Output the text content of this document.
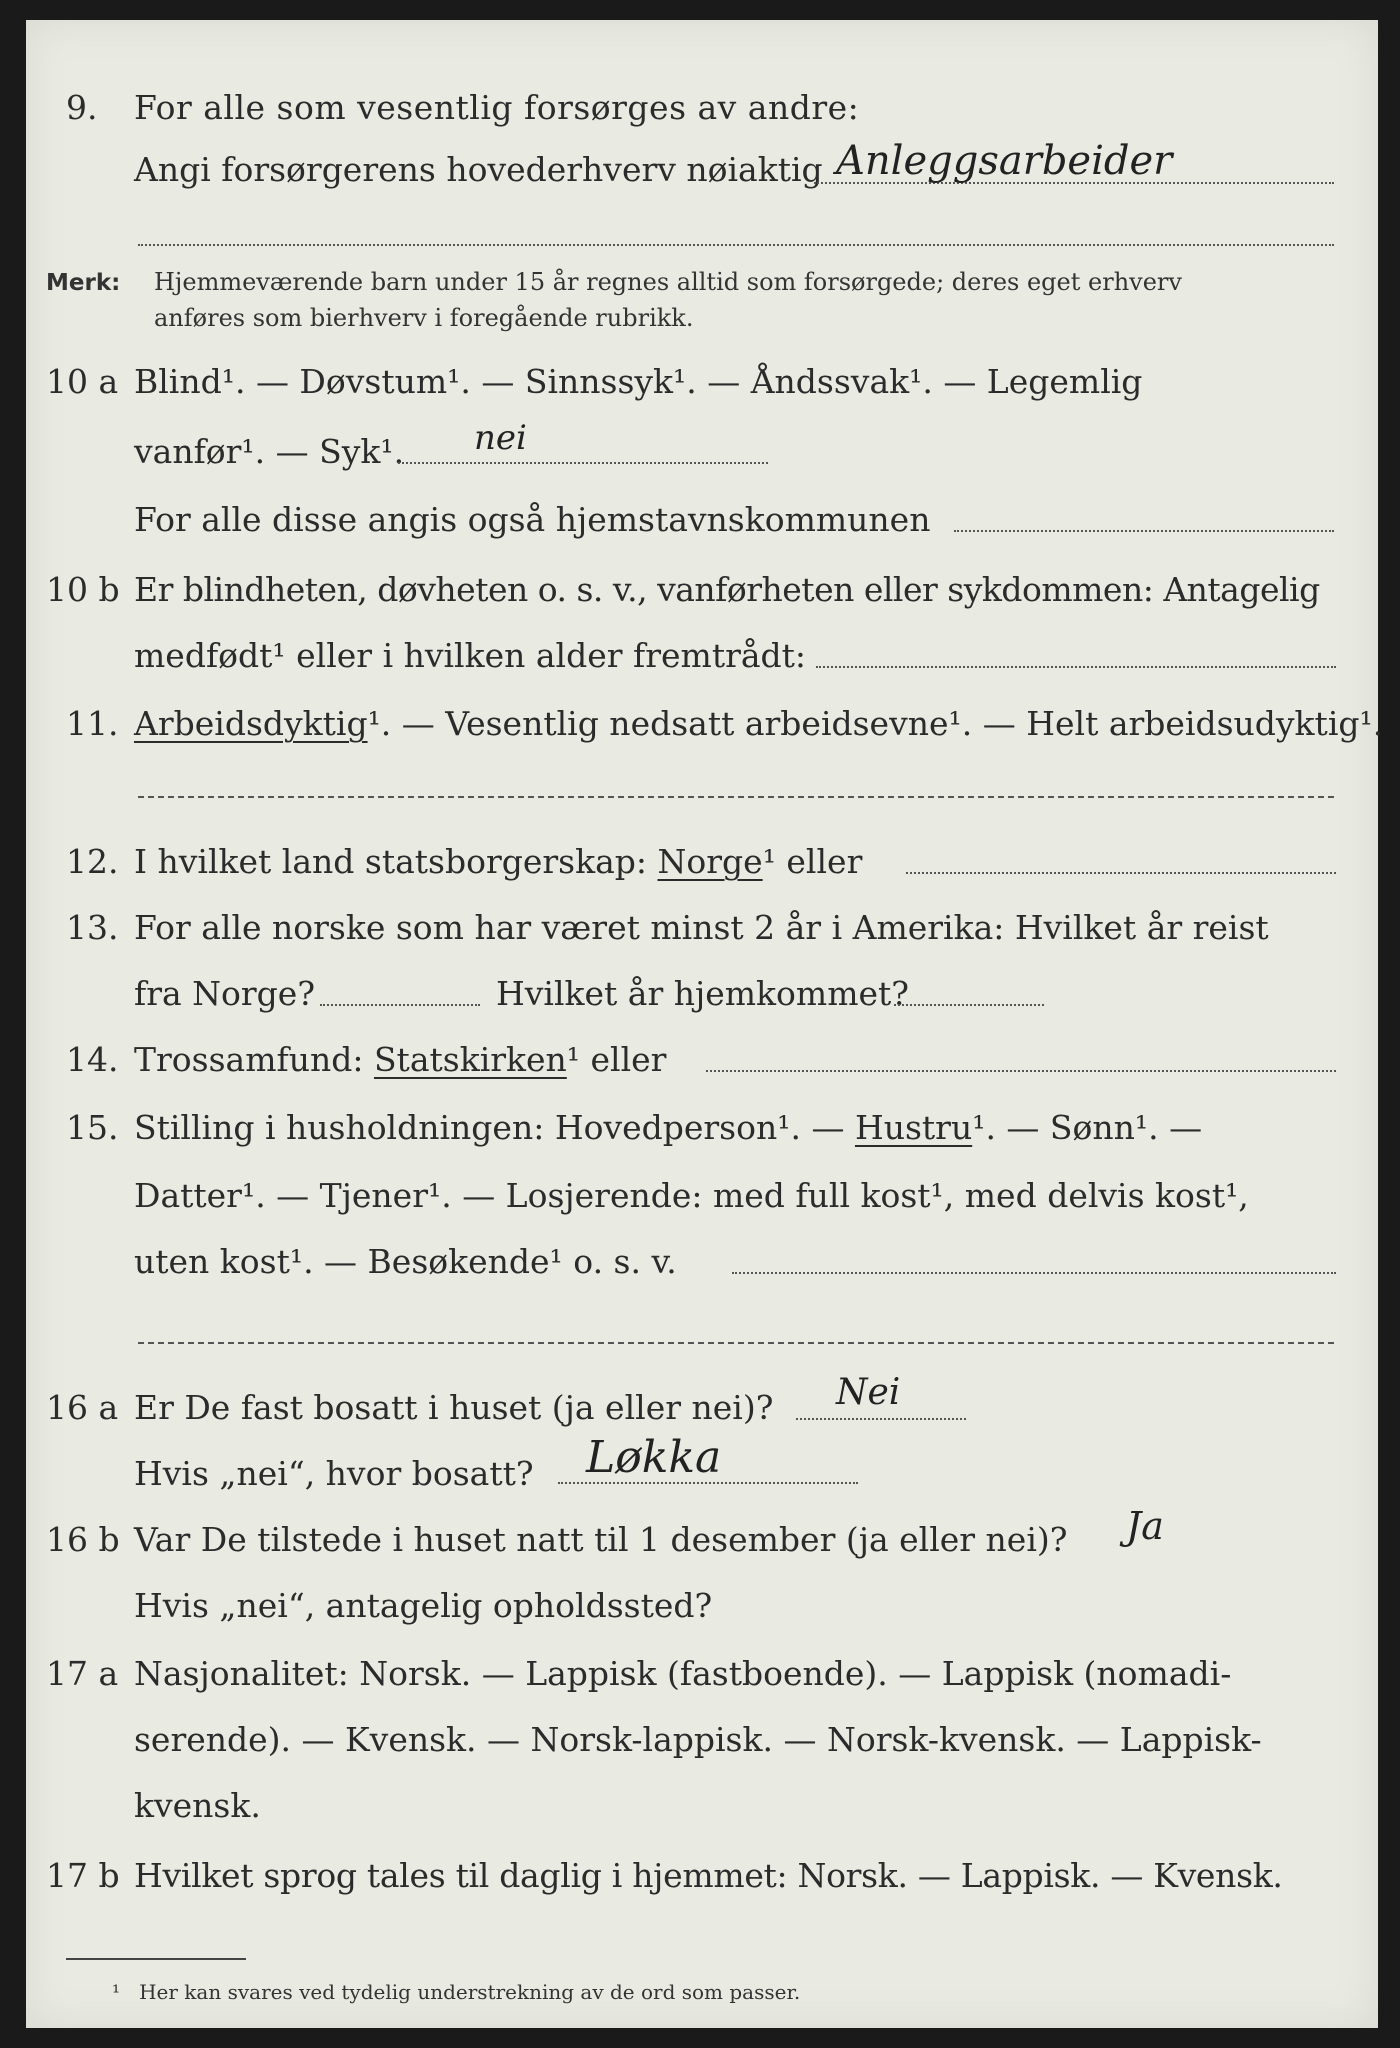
9. For alle som vesentlig forsørges av andre:
Angi forsørgerens hovederhverv nøiaktig Anleggsarbeider
Merk: Hjemmeværende barn under 15 år regnes alltid som forsørgede; deres eget erhverv
anføres som bierhverv i foregående rubrikk.
10 a Blind¹. — Døvstum¹. — Sinnssyk¹. — Åndssvak¹. — Legemlig
vanfør¹. — Syk¹. nei
For alle disse angis også hjemstavnskommunen
10 b Er blindheten, døvheten o. s. v., vanførheten eller sykdommen: Antagelig
medfødt¹ eller i hvilken alder fremtrådt:
11. Arbeidsdyktig¹. — Vesentlig nedsatt arbeidsevne¹. — Helt arbeidsudyktig¹.
12. I hvilket land statsborgerskap: Norge¹ eller
13. For alle norske som har været minst 2 år i Amerika: Hvilket år reist
fra Norge?	Hvilket år hjemkommet?
14. Trossamfund: Statskirken¹ eller
15. Stilling i husholdningen: Hovedperson¹. — Hustru¹. — Sønn¹. —
Datter¹. — Tjener¹. — Losjerende: med full kost¹, med delvis kost¹,
uten kost¹. — Besøkende¹ o. s. v.
16 a Er De fast bosatt i huset (ja eller nei)? Nei
Hvis „nei“, hvor bosatt? Løkka
16 b Var De tilstede i huset natt til 1 desember (ja eller nei)? Ja
Hvis „nei“, antagelig opholdssted?
17 a Nasjonalitet: Norsk. — Lappisk (fastboende). — Lappisk (nomadi-
serende). — Kvensk. — Norsk-lappisk. — Norsk-kvensk. — Lappisk-
kvensk.
17 b Hvilket sprog tales til daglig i hjemmet: Norsk. — Lappisk. — Kvensk.
¹ Her kan svares ved tydelig understrekning av de ord som passer.
